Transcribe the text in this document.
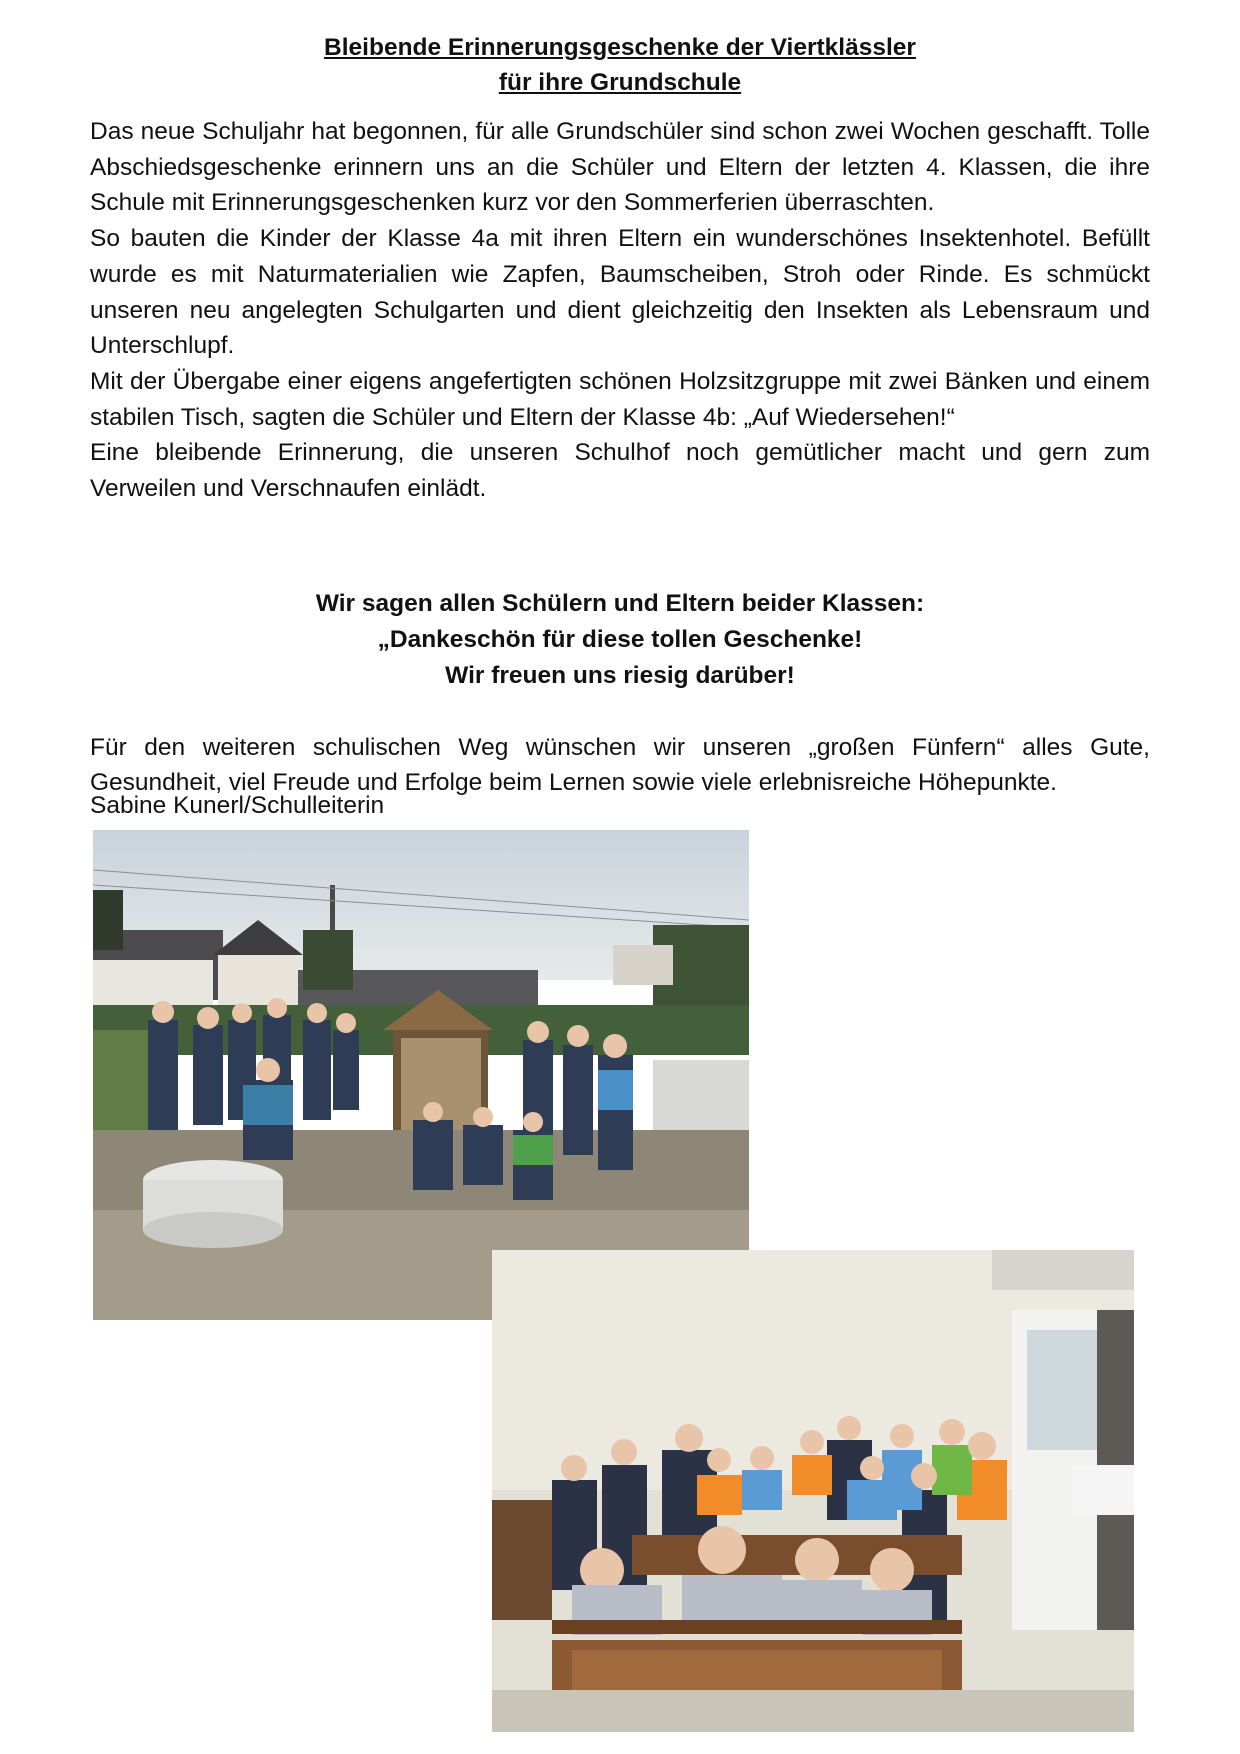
Bleibende Erinnerungsgeschenke der Viertklässler
für ihre Grundschule

Das neue Schuljahr hat begonnen, für alle Grundschüler sind schon zwei Wochen geschafft. Tolle Abschiedsgeschenke erinnern uns an die Schüler und Eltern der letzten 4. Klassen, die ihre Schule mit Erinnerungsgeschenken kurz vor den Sommerferien überraschten.

So bauten die Kinder der Klasse 4a mit ihren Eltern ein wunderschönes Insektenhotel. Befüllt wurde es mit Naturmaterialien wie Zapfen, Baumscheiben, Stroh oder Rinde. Es schmückt unseren neu angelegten Schulgarten und dient gleichzeitig den Insekten als Lebensraum und Unterschlupf.

Mit der Übergabe einer eigens angefertigten schönen Holzsitzgruppe mit zwei Bänken und einem stabilen Tisch, sagten die Schüler und Eltern der Klasse 4b: „Auf Wiedersehen!“

Eine bleibende Erinnerung, die unseren Schulhof noch gemütlicher macht und gern zum Verweilen und Verschnaufen einlädt.

Wir sagen allen Schülern und Eltern beider Klassen:
„Dankeschön für diese tollen Geschenke!
Wir freuen uns riesig darüber!

Für den weiteren schulischen Weg wünschen wir unseren „großen Fünfern“ alles Gute, Gesundheit, viel Freude und Erfolge beim Lernen sowie viele erlebnisreiche Höhepunkte.

Sabine Kunerl/Schulleiterin
